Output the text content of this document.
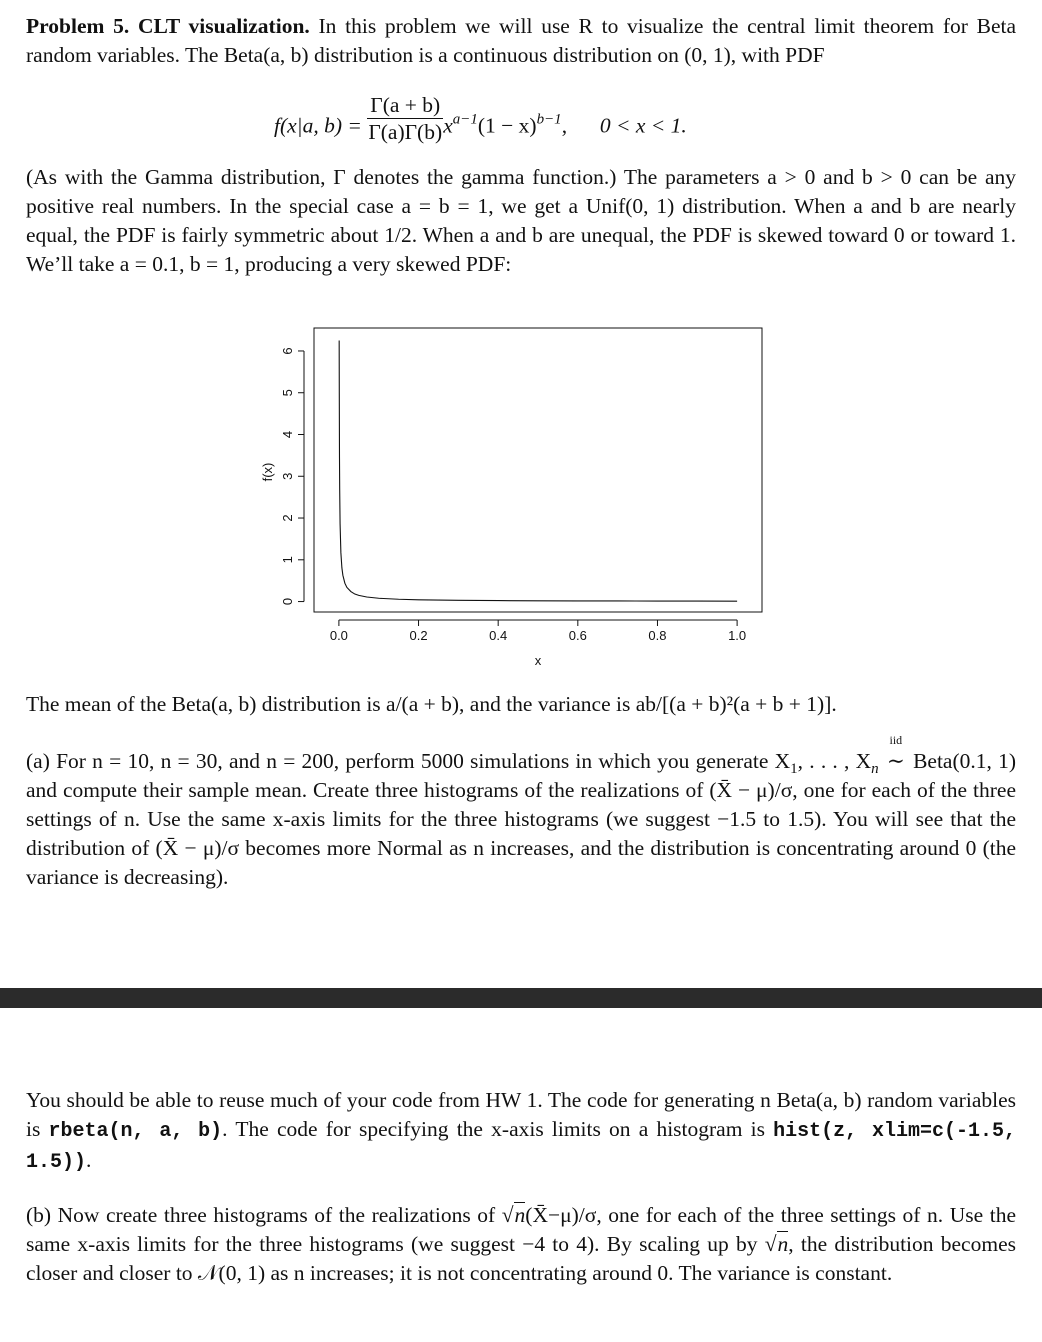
Problem 5. CLT visualization. In this problem we will use R to visualize the central limit theorem for Beta random variables. The Beta(a, b) distribution is a continuous distribution on (0, 1), with PDF

f(x|a, $b) = \frac{\Gamma(a + b)}{\Gamma(a)\Gamma(b)} x^{a-1}(1 - x)^{b-1}$, 0 < x < 1.

(As with the Gamma distribution, Γ denotes the gamma function.) The parameters a > 0 and b > 0 can be any positive real numbers. In the special case a = b = 1, we get a Unif(0, 1) distribution. When a and b are nearly equal, the PDF is fairly symmetric about 1/2. When a and b are unequal, the PDF is skewed toward 0 or toward 1. We’ll take a = 0.1, b = 1, producing a very skewed PDF:

0.0	0.2	0.4	0.6	0.8	1.0
0
1
2
3
4
5
6
x
f(x)

The mean of the Beta(a, b) distribution is a/(a + b), and the variance is ab/[(a + b)²(a + b + 1)].

(a) For n = 10, n = 30, and n = 200, perform 5000 simulations in which you generate $X_1$, . . . , $X_n$
iid
∼ Beta(0.1, 1) and compute their sample mean. Create three histograms of the realizations of (X̄ − μ)/σ, one for each of the three settings of n. Use the same x-axis limits for the three histograms (we suggest −1.5 to 1.5). You will see that the distribution of (X̄ − μ)/σ becomes more Normal as n increases, and the distribution is concentrating around 0 (the variance is decreasing).

You should be able to reuse much of your code from HW 1. The code for generating n Beta(a, b) random variables is rbeta(n, a, b). The code for specifying the x-axis limits on a histogram is hist(z, xlim=c(-1.5, 1.5)).

(b) Now create three histograms of the realizations of √n(X̄−μ)/σ, one for each of the three settings of n. Use the same x-axis limits for the three histograms (we suggest −4 to 4). By scaling up by √n, the distribution becomes closer and closer to 𝒩(0, 1) as n increases; it is not concentrating around 0. The variance is constant.
